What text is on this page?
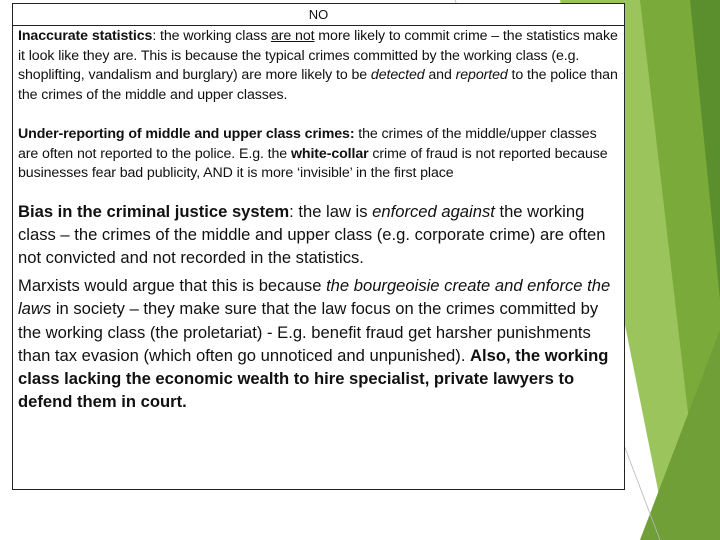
NO

Inaccurate statistics: the working class are not more likely to commit crime – the statistics make it look like they are. This is because the typical crimes committed by the working class (e.g. shoplifting, vandalism and burglary) are more likely to be detected and reported to the police than the crimes of the middle and upper classes.

Under-reporting of middle and upper class crimes: the crimes of the middle/upper classes are often not reported to the police. E.g. the white-collar crime of fraud is not reported because businesses fear bad publicity, AND it is more ‘invisible’ in the first place

Bias in the criminal justice system: the law is enforced against the working class – the crimes of the middle and upper class (e.g. corporate crime) are often not convicted and not recorded in the statistics.

Marxists would argue that this is because the bourgeoisie create and enforce the laws in society – they make sure that the law focus on the crimes committed by the working class (the proletariat) - E.g. benefit fraud get harsher punishments than tax evasion (which often go unnoticed and unpunished). Also, the working class lacking the economic wealth to hire specialist, private lawyers to defend them in court.
